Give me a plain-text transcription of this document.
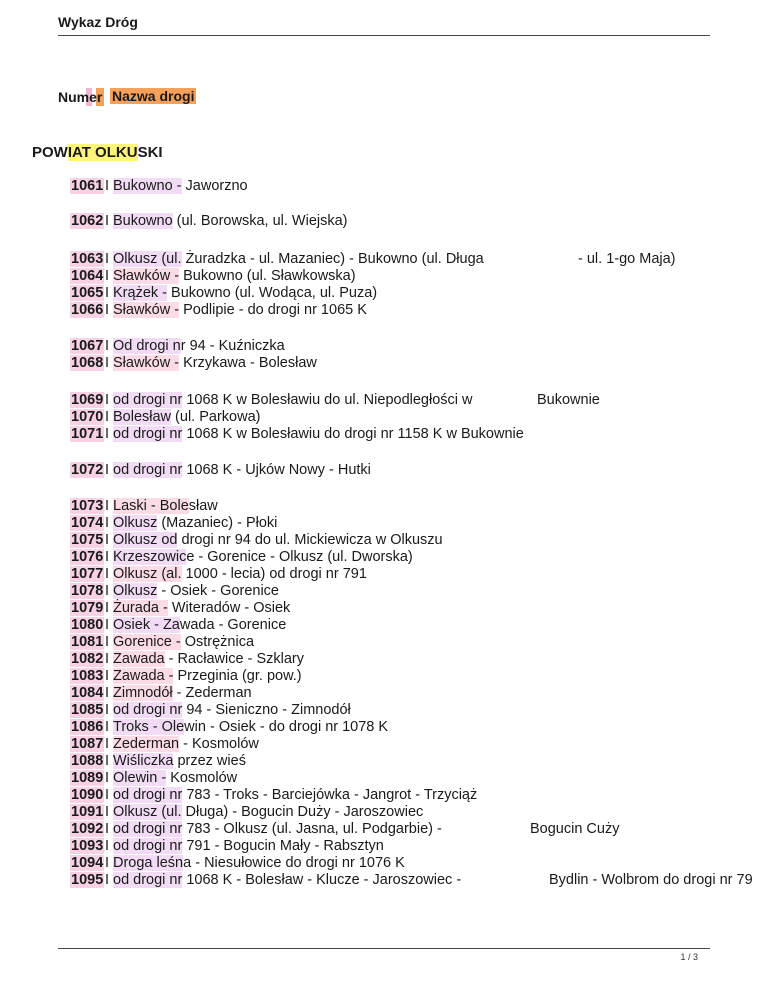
Wykaz Dróg
Numer Nazwa drogi
POWIAT OLKUSKI
1061 I Bukowno - Jaworzno
1062 I Bukowno (ul. Borowska, ul. Wiejska)
1063 I Olkusz (ul. Żuradzka - ul. Mazaniec) - Bukowno (ul. Długa	- ul. 1-go Maja)
1064 I Sławków - Bukowno (ul. Sławkowska)
1065 I Krążek - Bukowno (ul. Wodąca, ul. Puza)
1066 I Sławków - Podlipie - do drogi nr 1065 K
1067 I Od drogi nr 94 - Kuźniczka
1068 I Sławków - Krzykawa - Bolesław
1069 I od drogi nr 1068 K w Bolesławiu do ul. Niepodległości w	Bukownie
1070 I Bolesław (ul. Parkowa)
1071 I od drogi nr 1068 K w Bolesławiu do drogi nr 1158 K w Bukownie
1072 I od drogi nr 1068 K - Ujków Nowy - Hutki
1073 I Laski - Bolesław
1074 I Olkusz (Mazaniec) - Płoki
1075 I Olkusz od drogi nr 94 do ul. Mickiewicza w Olkuszu
1076 I Krzeszowice - Gorenice - Olkusz (ul. Dworska)
1077 I Olkusz (al. 1000 - lecia) od drogi nr 791
1078 I Olkusz - Osiek - Gorenice
1079 I Żurada - Witeradów - Osiek
1080 I Osiek - Zawada - Gorenice
1081 I Gorenice - Ostrężnica
1082 I Zawada - Racławice - Szklary
1083 I Zawada - Przeginia (gr. pow.)
1084 I Zimnodół - Zederman
1085 I od drogi nr 94 - Sieniczno - Zimnodół
1086 I Troks - Olewin - Osiek - do drogi nr 1078 K
1087 I Zederman - Kosmolów
1088 I Wiśliczka przez wieś
1089 I Olewin - Kosmolów
1090 I od drogi nr 783 - Troks - Barciejówka - Jangrot - Trzyciąż
1091 I Olkusz (ul. Długa) - Bogucin Duży - Jaroszowiec
1092 I od drogi nr 783 - Olkusz (ul. Jasna, ul. Podgarbie) -	Bogucin Cuży
1093 I od drogi nr 791 - Bogucin Mały - Rabsztyn
1094 I Droga leśna - Niesułowice do drogi nr 1076 K
1095 I od drogi nr 1068 K - Bolesław - Klucze - Jaroszowiec -	Bydlin - Wolbrom do drogi nr 79
1 / 3
